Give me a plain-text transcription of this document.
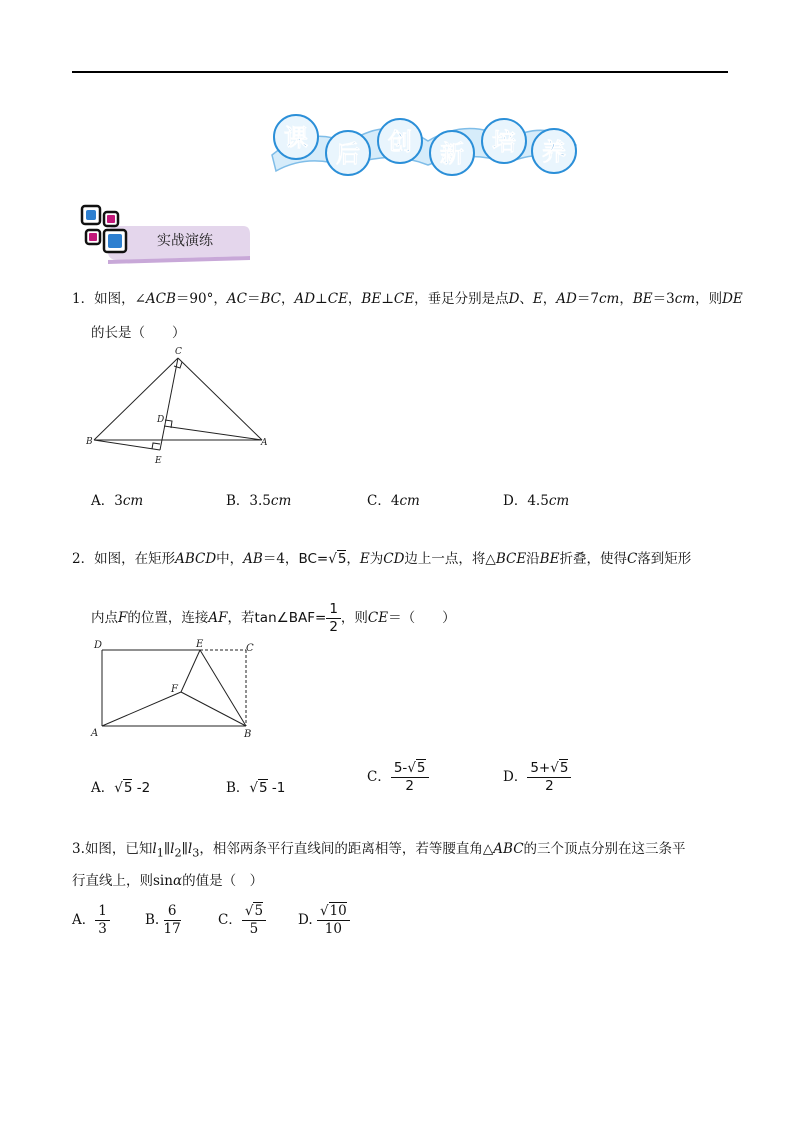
课
后 创 新 培 养
实战演练
1．如图，∠ACB＝90°，AC＝BC，AD⊥CE，BE⊥CE，垂足分别是点D、E，AD＝7cm，BE＝3cm，则DE
的长是（　　）
C
D
B	A
E
A．3cm	B．3.5cm	C．4cm	D．4.5cm
2．如图，在矩形ABCD中，AB＝4，BC=√5，E为CD边上一点，将△BCE沿BE折叠，使得C落到矩形
内点F的位置，连接AF，若tan∠BAF= $\frac{1}{2}$ ，则CE＝（　　）
D	E	C
F
A	B
A．√5 -2	B．√5 -1
C． $\frac{5-√5}{2}$	D． $\frac{5+√5}{2}$
3.如图，已知$l_1\parallel l_2\parallel l_3$，相邻两条平行直线间的距离相等，若等腰直角△ABC的三个顶点分别在这三条平
行直线上，则sinα的值是（　）
A． $\frac{1}{3}$	B. $\frac{6}{17}$	C． $\frac{√5}{5} D$. $\frac{√10}{10}$
